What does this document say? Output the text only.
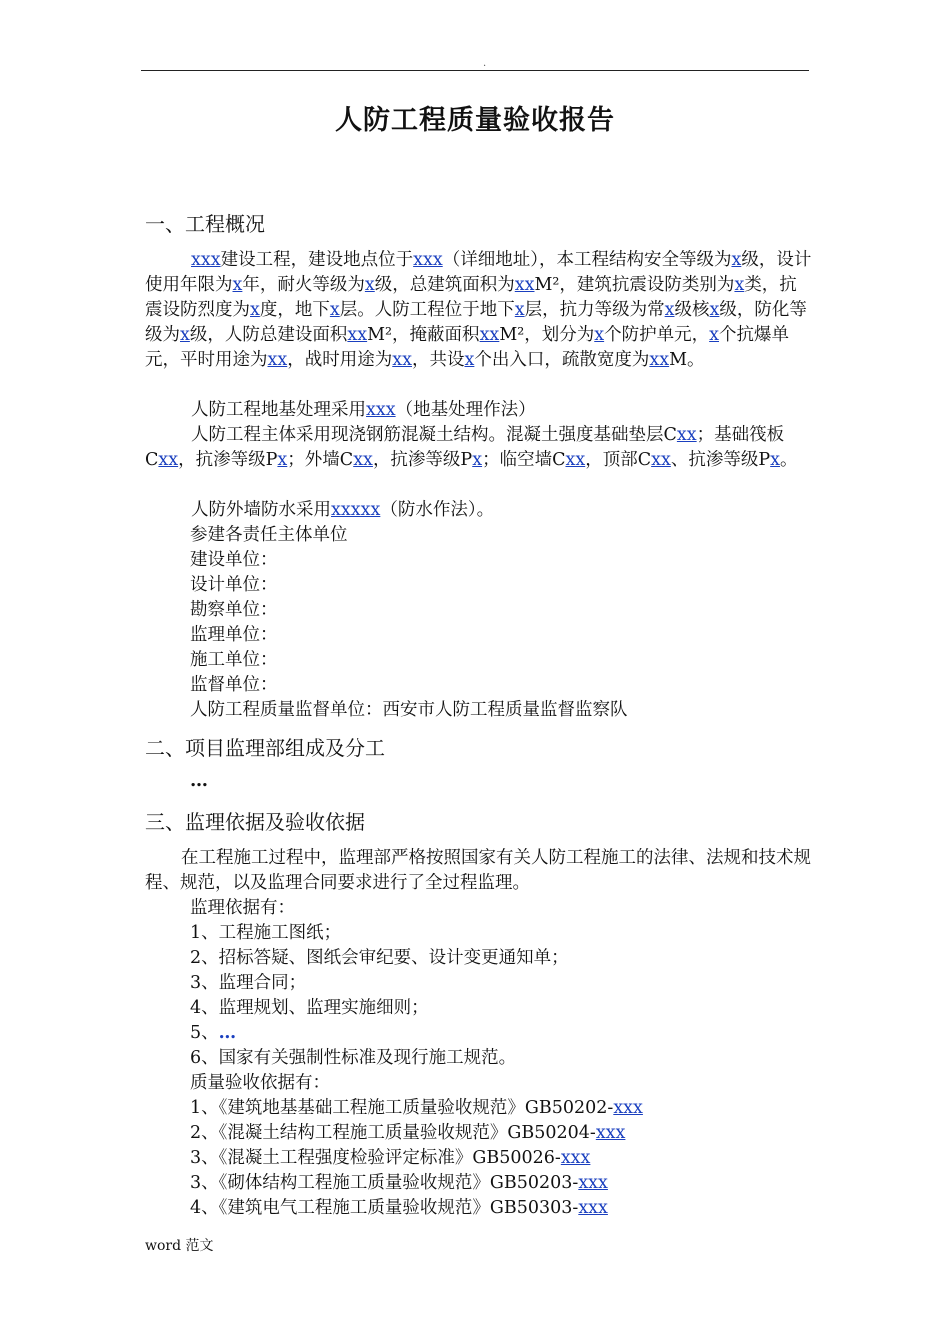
.
人防工程质量验收报告
一、工程概况
xxx建设工程，建设地点位于xxx（详细地址），本工程结构安全等级为x级，设计使用年限为x年，耐火等级为x级，总建筑面积为xxM²，建筑抗震设防类别为x类，抗震设防烈度为x度，地下x层。人防工程位于地下x层，抗力等级为常x级核x级，防化等级为x级，人防总建设面积xxM²，掩蔽面积xxM²，划分为x个防护单元，x个抗爆单元，平时用途为xx，战时用途为xx，共设x个出入口，疏散宽度为xxM。
人防工程地基处理采用xxx（地基处理作法）
人防工程主体采用现浇钢筋混凝土结构。混凝土强度基础垫层Cxx；基础筏板Cxx，抗渗等级Px；外墙Cxx，抗渗等级Px；临空墙Cxx，顶部Cxx、抗渗等级Px。
人防外墙防水采用xxxxx（防水作法）。
参建各责任主体单位
建设单位：
设计单位：
勘察单位：
监理单位：
施工单位：
监督单位：
人防工程质量监督单位：西安市人防工程质量监督监察队
二、项目监理部组成及分工
…
三、监理依据及验收依据
在工程施工过程中，监理部严格按照国家有关人防工程施工的法律、法规和技术规程、规范，以及监理合同要求进行了全过程监理。
监理依据有：
1、工程施工图纸；
2、招标答疑、图纸会审纪要、设计变更通知单；
3、监理合同；
4、监理规划、监理实施细则；
5、…
6、国家有关强制性标准及现行施工规范。
质量验收依据有：
1、《建筑地基基础工程施工质量验收规范》GB50202-xxx
2、《混凝土结构工程施工质量验收规范》GB50204-xxx
3、《混凝土工程强度检验评定标准》GB50026-xxx
3、《砌体结构工程施工质量验收规范》GB50203-xxx
4、《建筑电气工程施工质量验收规范》GB50303-xxx
word 范文
